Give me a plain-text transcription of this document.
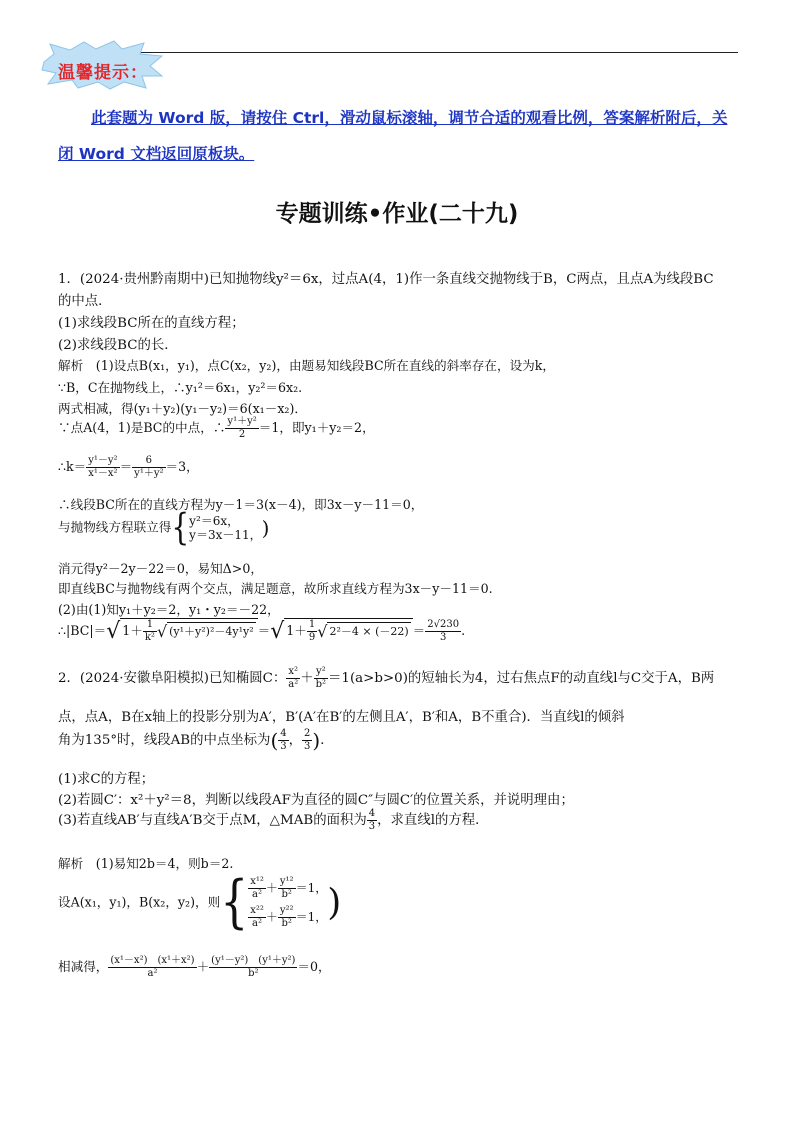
温馨提示：
此套题为 Word 版，请按住 Ctrl，滑动鼠标滚轴，调节合适的观看比例，答案解析附后，关闭 Word 文档返回原板块。
专题训练•作业(二十九)
1．(2024·贵州黔南期中)已知抛物线y²＝6x，过点A(4，1)作一条直线交抛物线于B，C两点，且点A为线段BC
的中点．
(1)求线段BC所在的直线方程；
(2)求线段BC的长．
解析　(1)设点B(x₁，y₁)，点C(x₂，y₂)，由题易知线段BC所在直线的斜率存在，设为k，
∵B，C在抛物线上，∴y₁²＝6x₁，y₂²＝6x₂.
两式相减，得(y₁＋y₂)(y₁－y₂)＝6(x₁－x₂)．
∵点A(4，1)是BC的中点，∴ $\frac{\text{y¹＋y²}}{2} =1$，即y₁＋y₂＝2，
∴k＝ $\frac{\text{y¹－y²}}{\text{x¹－x²}} = \frac{6}{\text{y¹＋y²}} =3$，
∴线段BC所在的直线方程为y－1＝3(x－4)，即3x－y－11＝0，
与抛物线方程联立得{ y²＝6x，
y＝3x－11， )
消元得y²－2y－22＝0，易知Δ>0，
即直线BC与抛物线有两个交点，满足题意，故所求直线方程为3x－y－11＝0.
(2)由(1)知y₁＋y₂＝2，y₁・y₂＝－22，
∴|BC|＝√ $1+ \frac{1}{\text{k²}}$ √ (y¹＋y²)²－4y¹y² ＝√ $1+ \frac{1}{9}$ √ $2^2-4 \times (-22) = \frac{2√230}{3}$ .
2．(2024·安徽阜阳模拟)已知椭圆C： $\frac{\text{x²}}{\text{a²}} + \frac{\text{y²}}{\text{b²}} =1(a>b>0)$的短轴长为4，过右焦点F的动直线l与C交于A，B两
点，点A，B在x轴上的投影分别为A′，B′(A′在B′的左侧且A′，B′和A，B不重合)．当直线l的倾斜
角为135°时，线段AB的中点坐标为( $\frac{4}{3}$ ， $\frac{2}{3}$ )．
(1)求C的方程；
(2)若圆C′：x²＋y²＝8，判断以线段AF为直径的圆C″与圆C′的位置关系，并说明理由；
(3)若直线AB′与直线A′B交于点M，△MAB的面积为 $\frac{4}{3}$ ，求直线l的方程．
解析　(1)易知2b＝4，则b＝2.
设A(x₁，y₁)，B(x₂，y₂)，则{ $\frac{\text{x¹²}}{\text{a²}} + \frac{\text{y¹²}}{\text{b²}} =1$，
$\frac{\text{x²²}}{\text{a²}} + \frac{\text{y²²}}{\text{b²}} =1$， )
相减得， $\frac{\text{(x¹－x²)　(x¹＋x²)}}{\text{a²}} + \frac{\text{(y¹－y²)　(y¹＋y²)}}{\text{b²}} =0$，
